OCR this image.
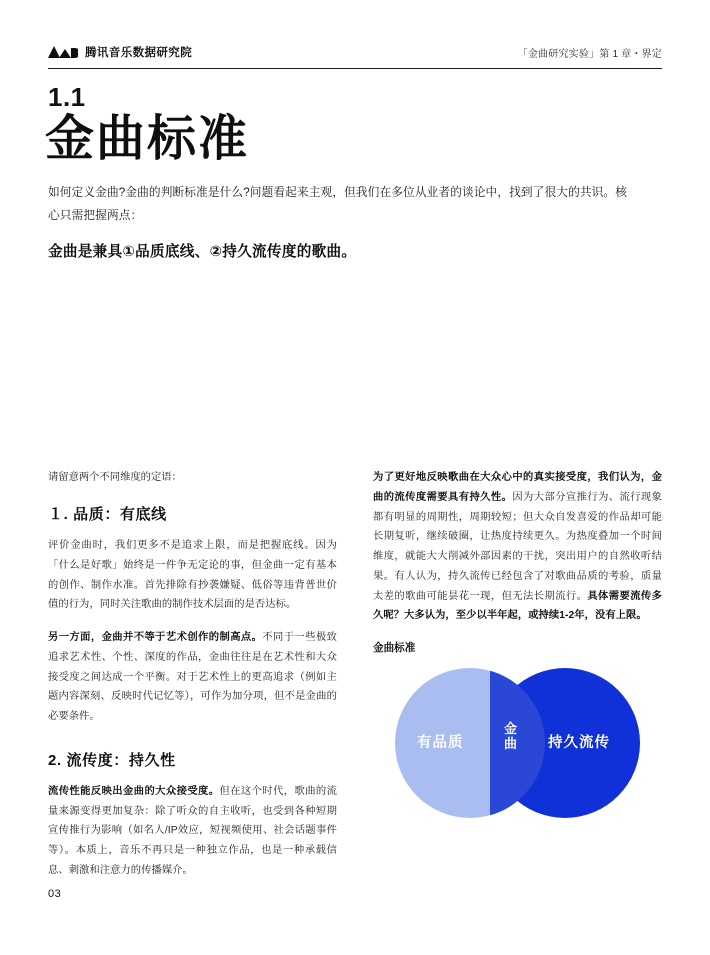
腾讯音乐数据研究院	「金曲研究实验」第 1 章・界定
1.1
金曲标准
如何定义金曲?金曲的判断标准是什么?问题看起来主观，但我们在多位从业者的谈论中，找到了很大的共识。核心只需把握两点：
金曲是兼具①品质底线、②持久流传度的歌曲。

请留意两个不同维度的定语：

１. 品质：有底线

评价金曲时，我们更多不是追求上限，而是把握底线。因为「什么是好歌」始终是一件争无定论的事，但金曲一定有基本的创作、制作水准。首先排除有抄袭嫌疑、低俗等违背普世价值的行为，同时关注歌曲的制作技术层面的是否达标。

另一方面，金曲并不等于艺术创作的制高点。不同于一些极致追求艺术性、个性、深度的作品，金曲往往是在艺术性和大众接受度之间达成一个平衡。对于艺术性上的更高追求（例如主题内容深刻、反映时代记忆等），可作为加分项，但不是金曲的必要条件。

2. 流传度：持久性

流传性能反映出金曲的大众接受度。但在这个时代，歌曲的流量来源变得更加复杂：除了听众的自主收听，也受到各种短期宣传推行为影响（如名人/IP效应，短视频使用、社会话题事件等）。本质上，音乐不再只是一种独立作品，也是一种承载信息、刺激和注意力的传播媒介。

为了更好地反映歌曲在大众心中的真实接受度，我们认为，金曲的流传度需要具有持久性。因为大部分宣推行为、流行现象都有明显的周期性，周期较短；但大众自发喜爱的作品却可能长期复听，继续破圈，让热度持续更久。为热度叠加一个时间维度，就能大大削减外部因素的干扰，突出用户的自然收听结果。有人认为，持久流传已经包含了对歌曲品质的考验，质量太差的歌曲可能昙花一现，但无法长期流行。具体需要流传多久呢？大多认为，至少以半年起，或持续1-2年，没有上限。

金曲标准
有品质
金曲 持久流传
03
